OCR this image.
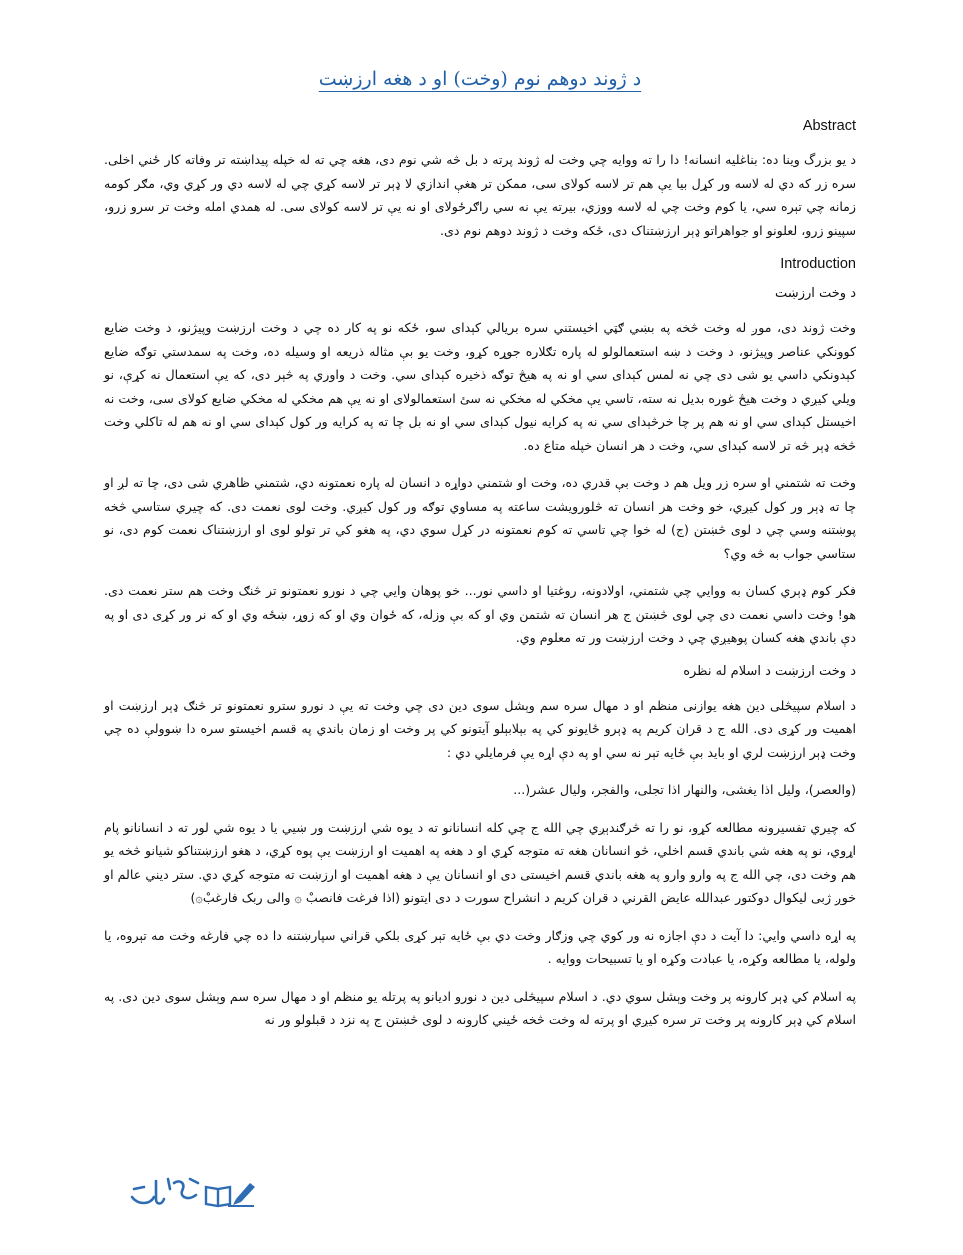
د ژوند دوهم نوم (وخت) او د هغه ارزښت
Abstract

د یو بزرگ وینا ده: بناغلیه انسانه! دا را ته ووایه چي وخت له ژوند پرته د بل څه شي نوم دی، هغه چي ته له خپله پیداښته تر وفاته کار ځني اخلی. سره زر که دي له لاسه ور کړل بیا یې هم تر لاسه کولای سی، ممکن تر هغې اندازي لا ډېر تر لاسه کړي چي له لاسه دي ور کړي وي، مګر کومه زمانه چي تېره سي، یا کوم وخت چي له لاسه ووزي، بیرته یې نه سي راګرځولای او نه یې تر لاسه کولای سی. له همدي امله وخت تر سرو زرو، سپینو زرو، لعلونو او جواهراتو ډېر ارزښتناک دی، ځکه وخت د ژوند دوهم نوم دی.

Introduction
د وخت ارزښت

وخت ژوند دی، موږ له وخت څخه په بښي ګټي اخیستني سره بریالي کېدای سو، ځکه نو په کار ده چي د وخت ارزښت وپیژنو، د وخت ضایع کوونکي عناصر وپیژنو، د وخت د ښه استعمالولو له پاره تګلاره جوړه کړو، وخت یو بې مثاله ذریعه او وسیله ده، وخت په سمدستي توګه ضایع کېدونکي داسي یو شی دی چي نه لمس کېدای سي او نه په هیڅ توګه ذخیره کېدای سي. وخت د واوري په څېر دی، که یې استعمال نه کړې، نو ویلي کیږي د وخت هیڅ غوره بدیل نه سته، تاسي یې مخکي له مخکي نه سئ استعمالولای او نه یې هم مخکي له مخکي ضایع کولای سی، وخت نه اخیستل کېدای سي او نه هم پر چا خرڅېدای سي نه په کرایه نیول کېدای سي او نه بل چا ته په کرایه ور کول کېدای سي او نه هم له تاکلي وخت څخه ډېر څه تر لاسه کېدای سي، وخت د هر انسان خپله متاع ده.

وخت ته شتمني او سره زر ویل هم د وخت بې قدري ده، وخت او شتمني دواړه د انسان له پاره نعمتونه دي، شتمني ظاهري شی دی، چا ته لږ او چا ته ډېر ور کول کیږي، خو وخت هر انسان ته څلورویشت ساعته په مساوي توګه ور کول کیږي. وخت لوی نعمت دی. که چیري ستاسي څخه پوښتنه وسي چي د لوی څښتن (ج) له خوا چي تاسي ته کوم نعمتونه در کړل سوي دي، په هغو کي تر تولو لوی او ارزښتناک نعمت کوم دی، نو ستاسي جواب به څه وي؟

فکر کوم ډېري کسان به ووایي چي شتمني، اولادونه، روغتیا او داسي نور... خو پوهان وایي چي د نورو نعمتونو تر څنګ وخت هم ستر نعمت دی. هو! وخت داسي نعمت دی چي لوی څښتن ج هر انسان ته شتمن وي او که بې وزله، که ځوان وي او که زوړ، ښځه وي او که نر ور کړی دی او په دې باندي هغه کسان پوهیږي چي د وخت ارزښت ور ته معلوم وي.

د وخت ارزښت د اسلام له نظره

د اسلام سپیڅلی دین هغه یوازنی منظم او د مهال سره سم وېشل سوی دین دی چي وخت ته یې د نورو سترو نعمتونو تر څنګ ډېر ارزښت او اهمیت ور کړی دی. الله ج د قران کریم په ډېرو ځایونو کي په بېلابېلو آیتونو کي پر وخت او زمان باندي په قسم اخیستو سره دا ښوولې ده چي وخت ډېر ارزښت لري او باید بې ځایه تېر نه سي او په دې اړه یې فرمایلي دي :

(والعصر)، ولیل اذا یغشی، والنهار اذا تجلی، والفجر، ولیال عشر(...

که چیري تفسیرونه مطالعه کړو، نو را ته څرګندېږي چي الله ج چي کله انسانانو ته د یوه شي ارزښت ور ښیي یا د یوه شي لور ته د انسانانو پام اړوي، نو په هغه شي باندي قسم اخلي، څو انسانان هغه ته متوجه کړي او د هغه په اهمیت او ارزښت یې پوه کړي، د هغو ارزښتناکو شیانو څخه یو هم وخت دی، چي الله ج په وارو وارو په هغه باندي قسم اخیستی دی او انسانان یې د هغه اهمیت او ارزښت ته متوجه کړي دي. ستر دیني عالم او خوږ ژبی لیکوال دوکتور عبدالله عایض القرني د قران کریم د انشراح سورت د دی ایتونو (اذا فرغت فانصبْ ۞ والی ربک فارغبْ۞)

په اړه داسي وایي: دا آیت د دې اجازه نه ور کوي چي وزګار وخت دي بې ځایه تېر کړی بلکي قراني سپارښتنه دا ده چي فارغه وخت مه تېروه، یا ولوله، یا مطالعه وکړه، یا عبادت وکړه او یا تسبیحات ووایه .

په اسلام کي ډېر کارونه پر وخت وېشل سوي دي. د اسلام سپیڅلی دین د نورو ادیانو په پرتله یو منظم او د مهال سره سم وېشل سوی دین دی. په اسلام کي ډېر کارونه پر وخت تر سره کیږي او پرته له وخت څخه ځیني کارونه د لوی څښتن ج په نزد د قبلولو ور نه
